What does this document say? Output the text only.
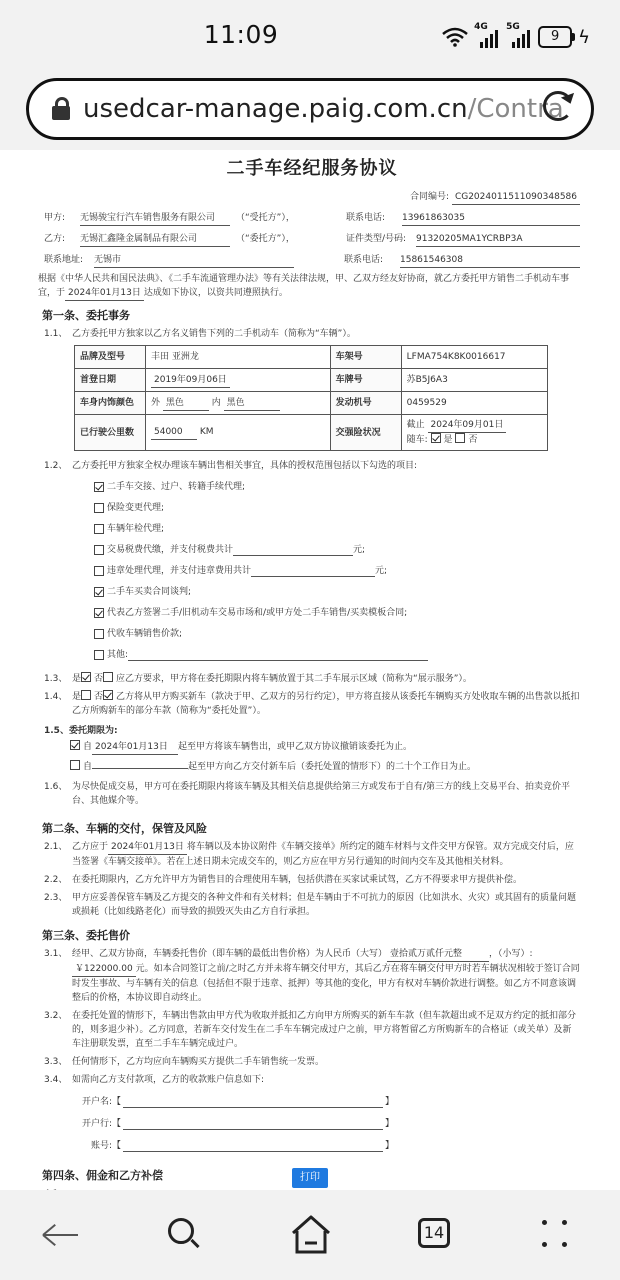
11:09	4G 5G
9	ϟ
usedcar-manage.paig.com.cn/Contra
二手车经纪服务协议
合同编号: CG2024011511090348586
甲方:	无锡骏宝行汽车销售服务有限公司	（“受托方”），	联系电话:	13961863035
乙方:	无锡汇鑫隆金属制品有限公司	（“委托方”），	证件类型/号码:	91320205MA1YCRBP3A
联系地址:	无锡市	联系电话:	15861546308
根据《中华人民共和国民法典》、《二手车流通管理办法》等有关法律法规，甲、乙双方经友好协商，就乙方委托甲方销售二手机动车事宜，于 2024年01月13日 达成如下协议，以资共同遵照执行。
第一条、委托事务
1.1、 乙方委托甲方独家以乙方名义销售下列的二手机动车（简称为“车辆”）。
品牌及型号	丰田 亚洲龙	车架号	LFMA754K8K0016617
首登日期	2019年09月06日	车牌号	苏B5J6A3
车身内饰颜色	外 黑色 内 黑色	发动机号	0459529
已行驶公里数	54000 KM	交强险状况	截止 2024年09月01日
随车: 是 否
1.2、 乙方委托甲方独家全权办理该车辆出售相关事宜，具体的授权范围包括以下勾选的项目:
二手车交接、过户、转籍手续代理;
保险变更代理;
车辆年检代理;
交易税费代缴，并支付税费共计	元;
违章处理代理，并支付违章费用共计	元;
二手车买卖合同谈判;
代表乙方签署二手/旧机动车交易市场和/或甲方处二手车销售/买卖模板合同;
代收车辆销售价款;
其他:
1.3、 是 否 应乙方要求，甲方将在委托期限内将车辆放置于其二手车展示区域（简称为“展示服务”）。
1.4、 是 否 乙方将从甲方购买新车（款决于甲、乙双方的另行约定），甲方将直接从该委托车辆购买方处收取车辆的出售款以抵扣乙方所购新车的部分车款（简称为“委托处置”）。
1.5、委托期限为:
自 2024年01月13日 起至甲方将该车辆售出，或甲乙双方协议撤销该委托为止。
自	起至甲方向乙方交付新车后（委托处置的情形下）的二十个工作日为止。
1.6、 为尽快促成交易，甲方可在委托期限内将该车辆及其相关信息提供给第三方或发布于自有/第三方的线上交易平台、拍卖竞价平台、其他媒介等。
第二条、车辆的交付，保管及风险
2.1、 乙方应于 2024年01月13日 将车辆以及本协议附件《车辆交接单》所约定的随车材料与文件交甲方保管。双方完成交付后，应当签署《车辆交接单》。若在上述日期未完成交车的，则乙方应在甲方另行通知的时间内交车及其他相关材料。
2.2、 在委托期限内，乙方允许甲方为销售目的合理使用车辆，包括供潜在买家试乘试驾，乙方不得要求甲方提供补偿。
2.3、 甲方应妥善保管车辆及乙方提交的各种文件和有关材料；但是车辆由于不可抗力的原因（比如洪水、火灾）或其固有的质量问题或损耗（比如线路老化）而导致的损毁灭失由乙方自行承担。
第三条、委托售价
3.1、 经甲、乙双方协商，车辆委托售价（即车辆的最低出售价格）为人民币（大写） 壹拾贰万贰仟元整	，（小写）:￥122000.00 元。如本合同签订之前/之时乙方并未将车辆交付甲方，其后乙方在将车辆交付甲方时若车辆状况相较于签订合同时发生事故、与车辆有关的信息（包括但不限于违章、抵押）等其他的变化，甲方有权对车辆价款进行调整。如乙方不同意该调整后的价格，本协议即自动终止。
3.2、 在委托处置的情形下，车辆出售款由甲方代为收取并抵扣乙方向甲方所购买的新车车款（但车款超出或不足双方约定的抵扣部分的，则多退少补）。乙方同意，若新车交付发生在二手车车辆完成过户之前，甲方将暂留乙方所购新车的合格证（或关单）及新车注册联发票，直至二手车车辆完成过户。
3.3、 任何情形下，乙方均应向车辆购买方提供二手车销售统一发票。
3.4、 如需向乙方支付款项，乙方的收款账户信息如下:
开户名: 【	】
开户行: 【	】
账号: 【	】
第四条、佣金和乙方补偿	打印
14
